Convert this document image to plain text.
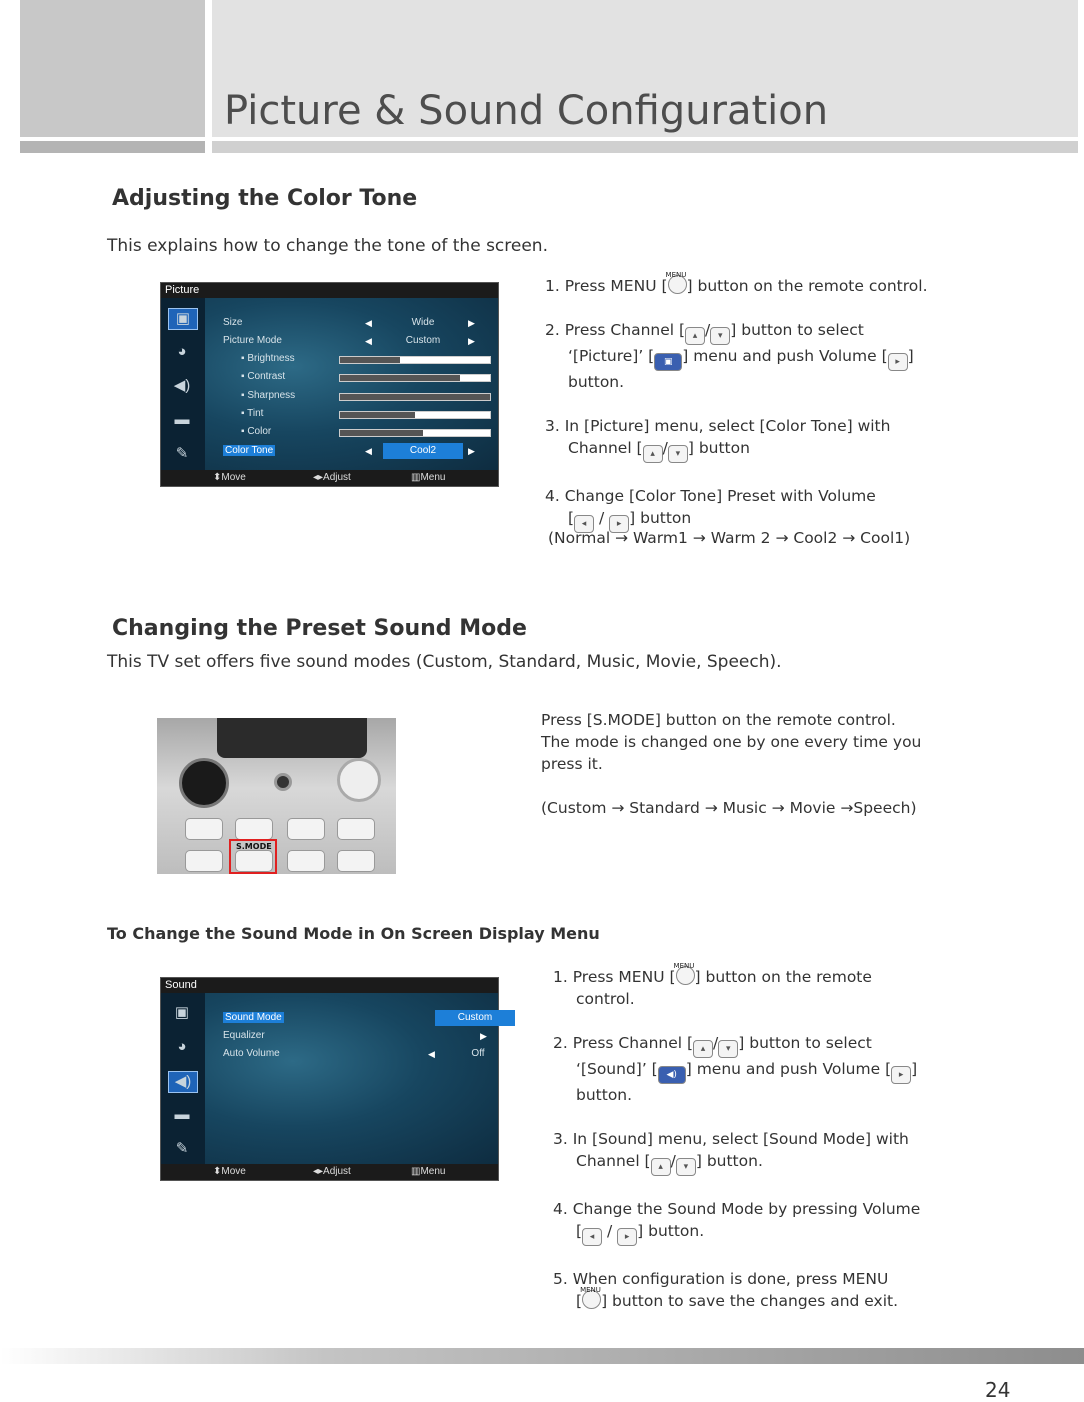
Picture & Sound Configuration
Adjusting the Color Tone
This explains how to change the tone of the screen.
Picture
▣
◕
◀)
▬
✎
Size	◀	Wide	▶
Picture Mode	◀	Custom	▶
▪ Brightness
▪ Contrast
▪ Sharpness
▪ Tint
▪ Color
Color Tone	◀	Cool2	▶
⬍ Move	◂▸ Adjust	▥ Menu
1. Press MENU [ MENU ] button on the remote control.
2. Press Channel [ ▴ / ▾ ] button to select
‘[Picture]’ [ ▣ ] menu and push Volume [ ▸ ]
button.
3. In [Picture] menu, select [Color Tone] with
Channel [ ▴ / ▾ ] button
4. Change [Color Tone] Preset with Volume
[ ◂ / ▸ ] button
(Normal → Warm1 → Warm 2 → Cool2 → Cool1)
Changing the Preset Sound Mode
This TV set offers five sound modes (Custom, Standard, Music, Movie, Speech).
S.MODE
Press [S.MODE] button on the remote control.
The mode is changed one by one every time you
press it.
(Custom → Standard → Music → Movie →Speech)
To Change the Sound Mode in On Screen Display Menu
Sound
▣
◕
◀)
▬
✎
Sound Mode	Custom
Equalizer	▶
Auto Volume	◀	Off	▶
⬍ Move	◂▸ Adjust	▥ Menu
1. Press MENU [ MENU ] button on the remote
control.
2. Press Channel [ ▴ / ▾ ] button to select
‘[Sound]’ [ ◀) ] menu and push Volume [ ▸ ]
button.
3. In [Sound] menu, select [Sound Mode] with
Channel [ ▴ / ▾ ] button.
4. Change the Sound Mode by pressing Volume
[ ◂ / ▸ ] button.
5. When configuration is done, press MENU
[ MENU ] button to save the changes and exit.
24
